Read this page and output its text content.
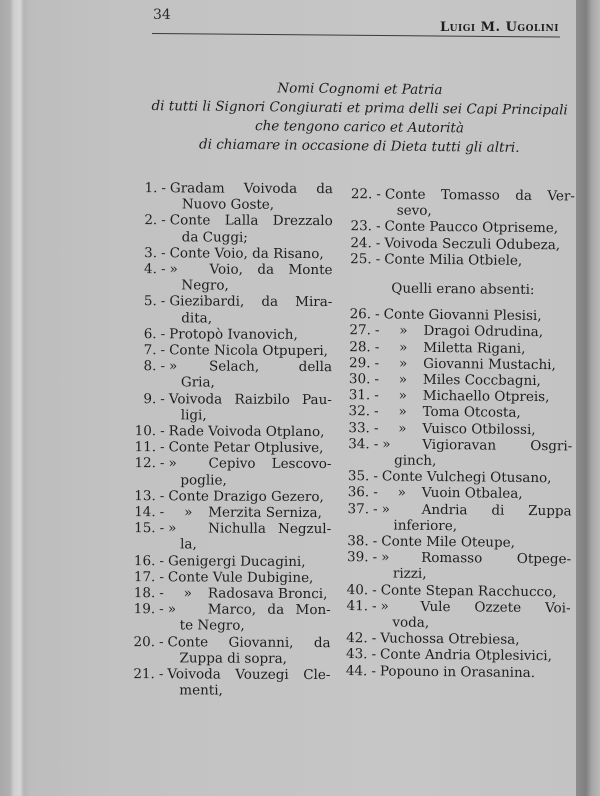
34
Luigi M. Ugolini
Nomi Cognomi et Patria
di tutti li Signori Congiurati et prima delli sei Capi Principali
che tengono carico et Autorità
di chiamare in occasione di Dieta tutti gli altri.
1. - Gradam Voivoda da
Nuovo Goste,
2. - Conte Lalla Drezzalo
da Cuggi;
3. - Conte Voio, da Risano,
4. - » Voio, da Monte
Negro,
5. - Giezibardi, da Mira-
dita,
6. - Protopò Ivanovich,
7. - Conte Nicola Otpuperi,
8. - » Selach, della
Gria,
9. - Voivoda Raizbilo Pau-
ligi,
10. - Rade Voivoda Otplano,
11. - Conte Petar Otplusive,
12. - » Cepivo Lescovo-
poglie,
13. - Conte Drazigo Gezero,
14. -	» Merzita Serniza,
15. - » Nichulla Negzul-
la,
16. - Genigergi Ducagini,
17. - Conte Vule Dubigine,
18. -	» Radosava Bronci,
19. - » Marco, da Mon-
te Negro,
20. - Conte Giovanni, da
Zuppa di sopra,
21. - Voivoda Vouzegi Cle-
menti,
22. - Conte Tomasso da Ver-
sevo,
23. - Conte Paucco Otpriseme,
24. - Voivoda Seczuli Odubeza,
25. - Conte Milia Otbiele,
Quelli erano absenti:
26. - Conte Giovanni Plesisi,
27. -	» Dragoi Odrudina,
28. -	» Miletta Rigani,
29. -	» Giovanni Mustachi,
30. -	» Miles Coccbagni,
31. -	» Michaello Otpreis,
32. -	» Toma Otcosta,
33. -	» Vuisco Otbilossi,
34. - » Vigioravan Osgri-
ginch,
35. - Conte Vulchegi Otusano,
36. -	» Vuoin Otbalea,
37. - » Andria di Zuppa
inferiore,
38. - Conte Mile Oteupe,
39. - » Romasso Otpege-
rizzi,
40. - Conte Stepan Racchucco,
41. - » Vule Ozzete Voi-
voda,
42. - Vuchossa Otrebiesa,
43. - Conte Andria Otplesivici,
44. - Popouno in Orasanina.
